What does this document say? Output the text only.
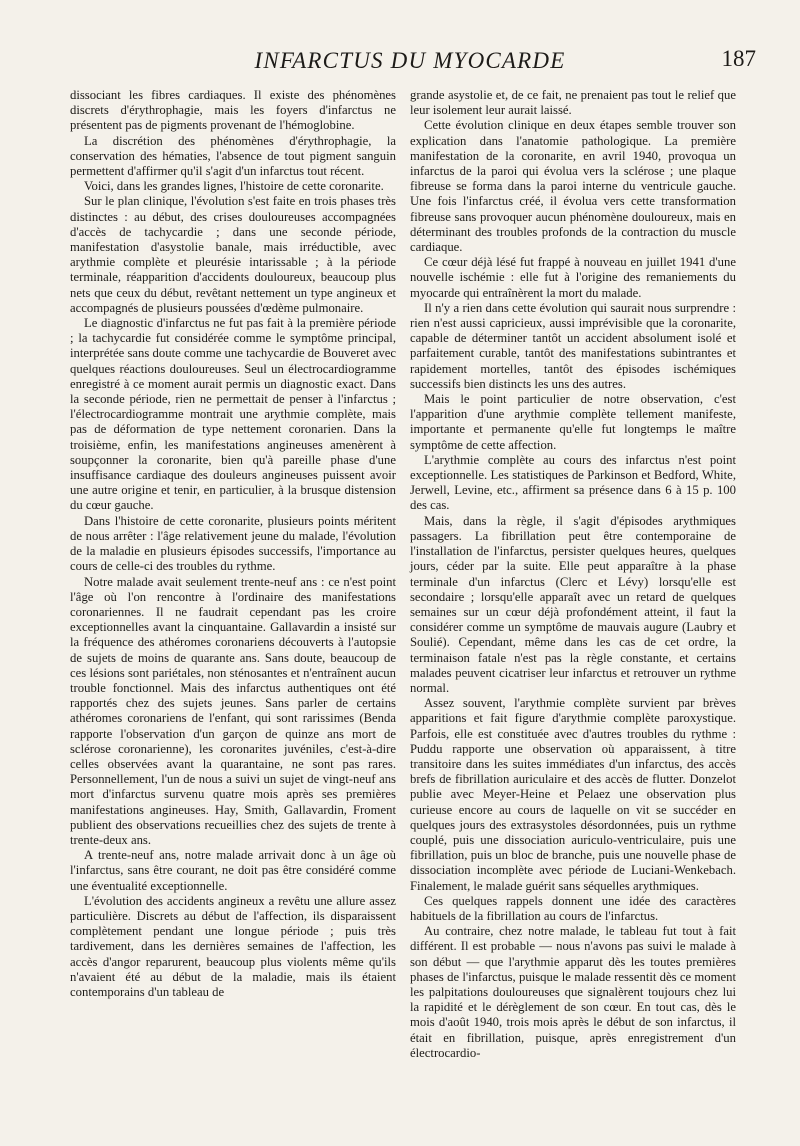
INFARCTUS DU MYOCARDE	187

dissociant les fibres cardiaques. Il existe des phénomènes discrets d'érythrophagie, mais les foyers d'infarctus ne présentent pas de pigments provenant de l'hémoglobine.

La discrétion des phénomènes d'érythrophagie, la conservation des hématies, l'absence de tout pigment sanguin permettent d'affirmer qu'il s'agit d'un infarctus tout récent.

Voici, dans les grandes lignes, l'histoire de cette coronarite.

Sur le plan clinique, l'évolution s'est faite en trois phases très distinctes : au début, des crises douloureuses accompagnées d'accès de tachycardie ; dans une seconde période, manifestation d'asystolie banale, mais irréductible, avec arythmie complète et pleurésie intarissable ; à la période terminale, réapparition d'accidents douloureux, beaucoup plus nets que ceux du début, revêtant nettement un type angineux et accompagnés de plusieurs poussées d'œdème pulmonaire.

Le diagnostic d'infarctus ne fut pas fait à la première période ; la tachycardie fut considérée comme le symptôme principal, interprétée sans doute comme une tachycardie de Bouveret avec quelques réactions douloureuses. Seul un électrocardiogramme enregistré à ce moment aurait permis un diagnostic exact. Dans la seconde période, rien ne permettait de penser à l'infarctus ; l'électrocardiogramme montrait une arythmie complète, mais pas de déformation de type nettement coronarien. Dans la troisième, enfin, les manifestations angineuses amenèrent à soupçonner la coronarite, bien qu'à pareille phase d'une insuffisance cardiaque des douleurs angineuses puissent avoir une autre origine et tenir, en particulier, à la brusque distension du cœur gauche.

Dans l'histoire de cette coronarite, plusieurs points méritent de nous arrêter : l'âge relativement jeune du malade, l'évolution de la maladie en plusieurs épisodes successifs, l'importance au cours de celle-ci des troubles du rythme.

Notre malade avait seulement trente-neuf ans : ce n'est point l'âge où l'on rencontre à l'ordinaire des manifestations coronariennes. Il ne faudrait cependant pas les croire exceptionnelles avant la cinquantaine. Gallavardin a insisté sur la fréquence des athéromes coronariens découverts à l'autopsie de sujets de moins de quarante ans. Sans doute, beaucoup de ces lésions sont pariétales, non sténosantes et n'entraînent aucun trouble fonctionnel. Mais des infarctus authentiques ont été rapportés chez des sujets jeunes. Sans parler de certains athéromes coronariens de l'enfant, qui sont rarissimes (Benda rapporte l'observation d'un garçon de quinze ans mort de sclérose coronarienne), les coronarites juvéniles, c'est-à-dire celles observées avant la quarantaine, ne sont pas rares. Personnellement, l'un de nous a suivi un sujet de vingt-neuf ans mort d'infarctus survenu quatre mois après ses premières manifestations angineuses. Hay, Smith, Gallavardin, Froment publient des observations recueillies chez des sujets de trente à trente-deux ans.

A trente-neuf ans, notre malade arrivait donc à un âge où l'infarctus, sans être courant, ne doit pas être considéré comme une éventualité exceptionnelle.

L'évolution des accidents angineux a revêtu une allure assez particulière. Discrets au début de l'affection, ils disparaissent complètement pendant une longue période ; puis très tardivement, dans les dernières semaines de l'affection, les accès d'angor reparurent, beaucoup plus violents même qu'ils n'avaient été au début de la maladie, mais ils étaient contemporains d'un tableau de

grande asystolie et, de ce fait, ne prenaient pas tout le relief que leur isolement leur aurait laissé.

Cette évolution clinique en deux étapes semble trouver son explication dans l'anatomie pathologique. La première manifestation de la coronarite, en avril 1940, provoqua un infarctus de la paroi qui évolua vers la sclérose ; une plaque fibreuse se forma dans la paroi interne du ventricule gauche. Une fois l'infarctus créé, il évolua vers cette transformation fibreuse sans provoquer aucun phénomène douloureux, mais en déterminant des troubles profonds de la contraction du muscle cardiaque.

Ce cœur déjà lésé fut frappé à nouveau en juillet 1941 d'une nouvelle ischémie : elle fut à l'origine des remaniements du myocarde qui entraînèrent la mort du malade.

Il n'y a rien dans cette évolution qui saurait nous surprendre : rien n'est aussi capricieux, aussi imprévisible que la coronarite, capable de déterminer tantôt un accident absolument isolé et parfaitement curable, tantôt des manifestations subintrantes et rapidement mortelles, tantôt des épisodes ischémiques successifs bien distincts les uns des autres.

Mais le point particulier de notre observation, c'est l'apparition d'une arythmie complète tellement manifeste, importante et permanente qu'elle fut longtemps le maître symptôme de cette affection.

L'arythmie complète au cours des infarctus n'est point exceptionnelle. Les statistiques de Parkinson et Bedford, White, Jerwell, Levine, etc., affirment sa présence dans 6 à 15 p. 100 des cas.

Mais, dans la règle, il s'agit d'épisodes arythmiques passagers. La fibrillation peut être contemporaine de l'installation de l'infarctus, persister quelques heures, quelques jours, céder par la suite. Elle peut apparaître à la phase terminale d'un infarctus (Clerc et Lévy) lorsqu'elle est secondaire ; lorsqu'elle apparaît avec un retard de quelques semaines sur un cœur déjà profondément atteint, il faut la considérer comme un symptôme de mauvais augure (Laubry et Soulié). Cependant, même dans les cas de cet ordre, la terminaison fatale n'est pas la règle constante, et certains malades peuvent cicatriser leur infarctus et retrouver un rythme normal.

Assez souvent, l'arythmie complète survient par brèves apparitions et fait figure d'arythmie complète paroxystique. Parfois, elle est constituée avec d'autres troubles du rythme : Puddu rapporte une observation où apparaissent, à titre transitoire dans les suites immédiates d'un infarctus, des accès brefs de fibrillation auriculaire et des accès de flutter. Donzelot publie avec Meyer-Heine et Pelaez une observation plus curieuse encore au cours de laquelle on vit se succéder en quelques jours des extrasystoles désordonnées, puis un rythme couplé, puis une dissociation auriculo-ventriculaire, puis une fibrillation, puis un bloc de branche, puis une nouvelle phase de dissociation incomplète avec période de Luciani-Wenkebach. Finalement, le malade guérit sans séquelles arythmiques.

Ces quelques rappels donnent une idée des caractères habituels de la fibrillation au cours de l'infarctus.

Au contraire, chez notre malade, le tableau fut tout à fait différent. Il est probable — nous n'avons pas suivi le malade à son début — que l'arythmie apparut dès les toutes premières phases de l'infarctus, puisque le malade ressentit dès ce moment les palpitations douloureuses que signalèrent toujours chez lui la rapidité et le dérèglement de son cœur. En tout cas, dès le mois d'août 1940, trois mois après le début de son infarctus, il était en fibrillation, puisque, après enregistrement d'un électrocardio-
